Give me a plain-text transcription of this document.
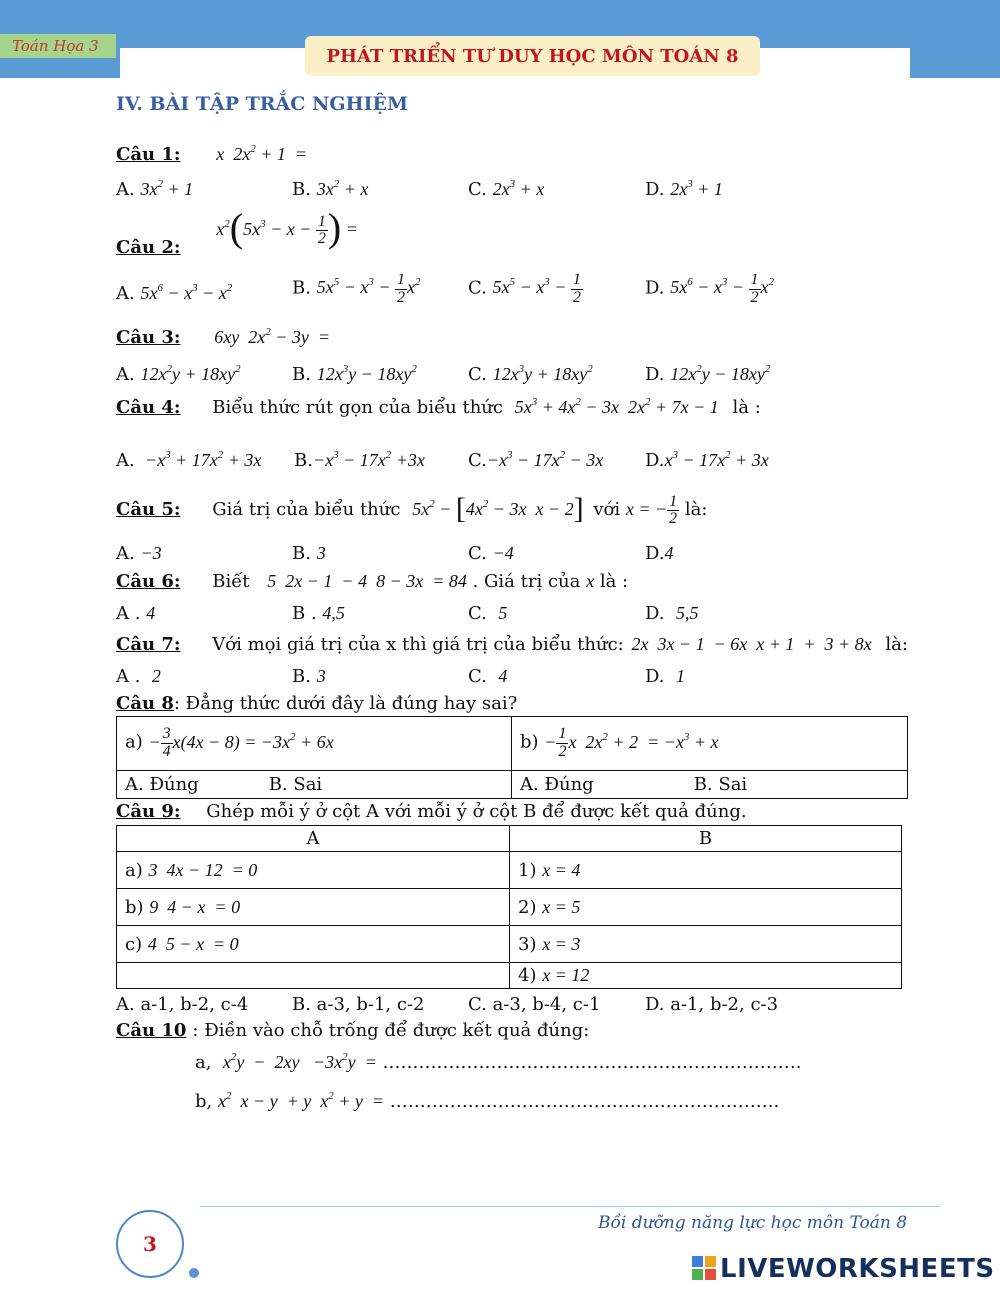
Toán Họa 3	PHÁT TRIỂN TƯ DUY HỌC MÔN TOÁN 8
IV. BÀI TẬP TRẮC NGHIỆM
Câu 1: x  $2x^2 + 1$  =
A. $3x^2 + 1$	B. $3x^2 + x$	C. $2x^3 + x$	D. $2x^3 + 1$
Câu 2: $x^2(5x^3 - x - \frac{1}{2}$ ) =
A. $5x^6 - x^3 - x^2$	B. $5x^5 - x^3 - \frac{1}{2} x^2$	C. $5x^5 - x^3 - \frac{1}{2}$	D. $5x^6 - x^3 - \frac{1}{2} x^2$
Câu 3: 6xy  $2x^2 - 3y$  =
A. $12x^2y + 18xy^2$	B. $12x^3y - 18xy^2$	C. $12x^3y + 18xy^2$	D. $12x^2y - 18xy^2$
Câu 4: Biểu thức rút gọn của biểu thức $5x^3 + 4x^2 - 3x$  $2x^2 + 7x - 1$ là :
A.  $-x^3 + 17x^2 + 3x$ $B.-x^3 - 17x^2 +3x$ $C.-x^3 - 17x^2 - 3x$ $D.x^3 - 17x^2 + 3x$
Câu 5: Giá trị của biểu thức $5x^2 - [4x^2 - 3x$  x − 2] với x = − $\frac{1}{2}$ là:
A. −3	B. 3	C. −4	D.4
Câu 6: Biết 5  2x − 1  − 4  8 − 3x  = 84 . Giá trị của x là :
A . 4	B . 4,5	C. 5	D. 5,5
Câu 7: Với mọi giá trị của x thì giá trị của biểu thức: 2x  3x − 1  − 6x  x + 1  +  3 + 8x là:
A . 2	B. 3	C. 4	D. 1
Câu 8: Đẳng thức dưới đây là đúng hay sai?
$a) - \frac{3}{4} x(4x - 8) = -3x^2 + 6x$	$b) - \frac{1}{2}$ x  $2x^2 + 2 = -x^3 + x$
A. Đúng B. Sai	A. Đúng B. Sai
Câu 9: Ghép mỗi ý ở cột A với mỗi ý ở cột B để được kết quả đúng.
A	B
a) 3  4x − 12  = 0	1) x = 4
b) 9  4 − x  = 0	2) x = 5
c) 4  5 − x  = 0	3) x = 3
	4) x = 12
A. a-1, b-2, c-4 B. a-3, b-1, c-2 C. a-3, b-4, c-1 D. a-1, b-2, c-3
Câu 10 : Điền vào chỗ trống để được kết quả đúng:
a,  $x^2y - 2xy -3x^2y$  = …………………………………………...……………….
b, $x^2$  x − y  + y  $x^2 + y$  = ………………………………………………………..
Bồi dưỡng năng lực học môn Toán 8
3
LIVEWORKSHEETS
